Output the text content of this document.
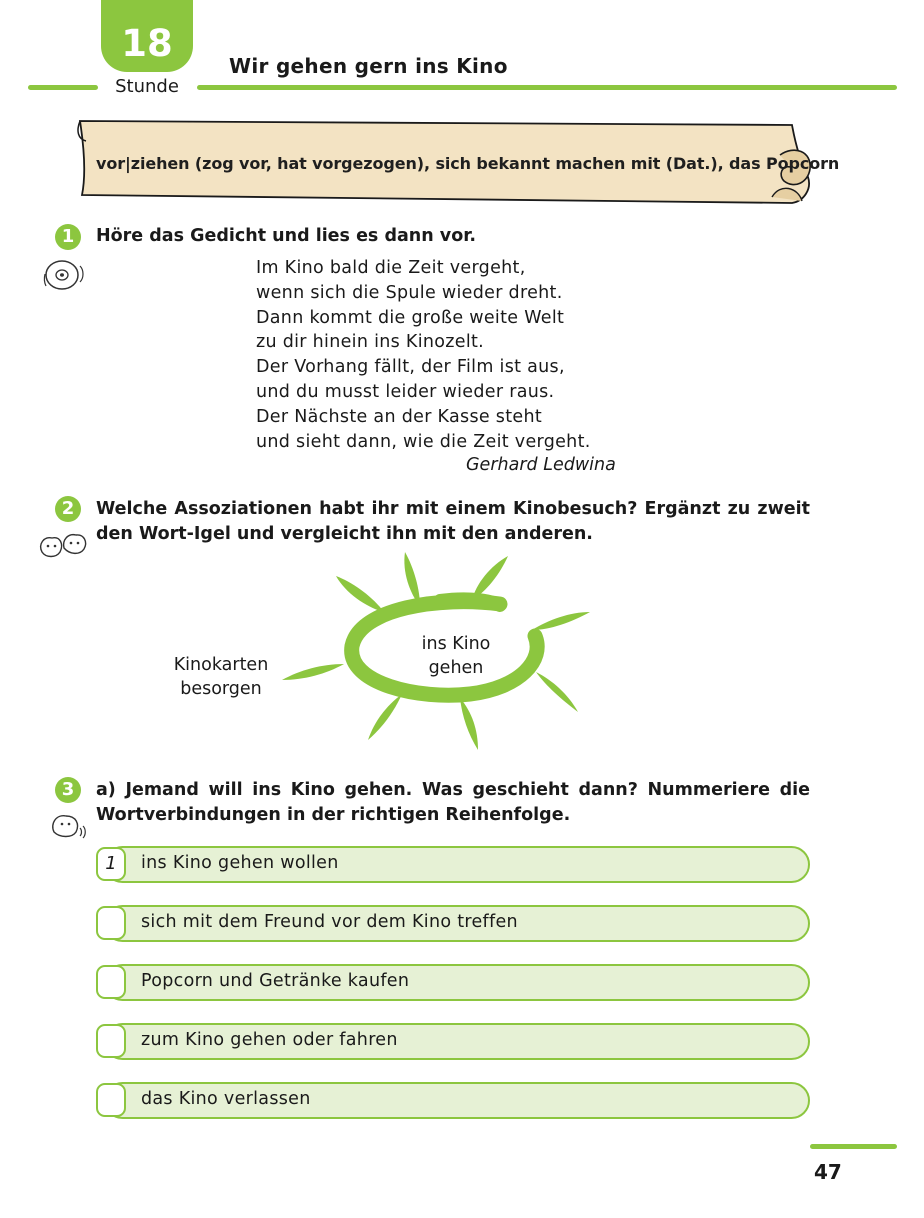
18
Stunde
Wir gehen gern ins Kino
vor|ziehen (zog vor, hat vorgezogen), sich bekannt machen mit (Dat.), das Popcorn
1	Höre das Gedicht und lies es dann vor.
Im Kino bald die Zeit vergeht,
wenn sich die Spule wieder dreht.
Dann kommt die große weite Welt
zu dir hinein ins Kinozelt.
Der Vorhang fällt, der Film ist aus,
und du musst leider wieder raus.
Der Nächste an der Kasse steht
und sieht dann, wie die Zeit vergeht.
Gerhard Ledwina
2	Welche Assoziationen habt ihr mit einem Kinobesuch? Ergänzt zu zweit
den Wort-Igel und vergleicht ihn mit den anderen.
ins Kino
gehen
Kinokarten
besorgen
3	a) Jemand will ins Kino gehen. Was geschieht dann? Nummeriere die
Wortverbindungen in der richtigen Reihenfolge.
1	ins Kino gehen wollen
sich mit dem Freund vor dem Kino treffen
Popcorn und Getränke kaufen
zum Kino gehen oder fahren
das Kino verlassen
47
